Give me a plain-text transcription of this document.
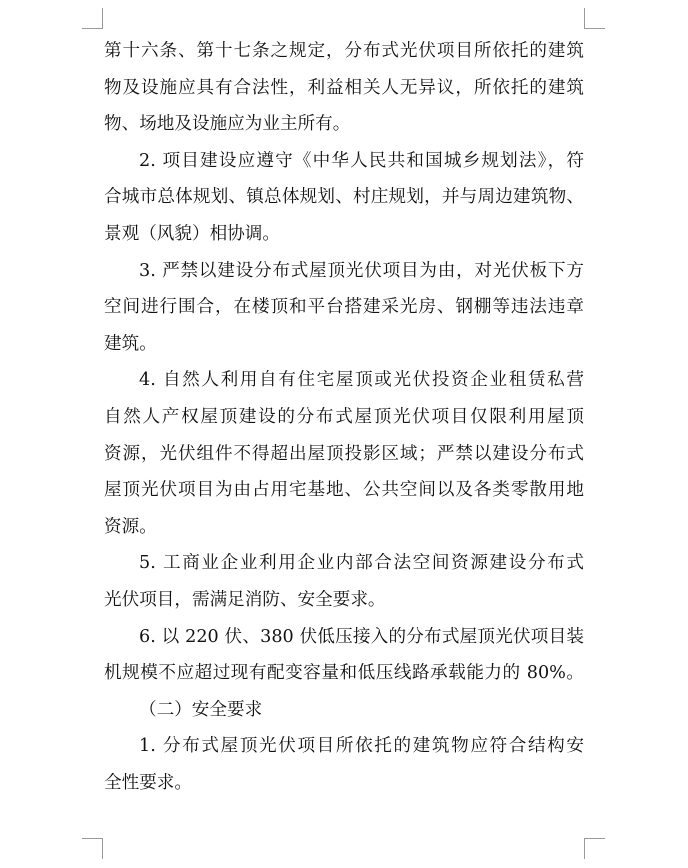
第十六条、第十七条之规定，分布式光伏项目所依托的建筑
物及设施应具有合法性，利益相关人无异议，所依托的建筑
物、场地及设施应为业主所有。
2. 项目建设应遵守《中华人民共和国城乡规划法》，符
合城市总体规划、镇总体规划、村庄规划，并与周边建筑物、
景观（风貌）相协调。
3. 严禁以建设分布式屋顶光伏项目为由，对光伏板下方
空间进行围合，在楼顶和平台搭建采光房、钢棚等违法违章
建筑。
4. 自然人利用自有住宅屋顶或光伏投资企业租赁私营
自然人产权屋顶建设的分布式屋顶光伏项目仅限利用屋顶
资源，光伏组件不得超出屋顶投影区域；严禁以建设分布式
屋顶光伏项目为由占用宅基地、公共空间以及各类零散用地
资源。
5. 工商业企业利用企业内部合法空间资源建设分布式
光伏项目，需满足消防、安全要求。
6. 以 220 伏、380 伏低压接入的分布式屋顶光伏项目装
机规模不应超过现有配变容量和低压线路承载能力的 80%。
（二）安全要求
1. 分布式屋顶光伏项目所依托的建筑物应符合结构安
全性要求。
